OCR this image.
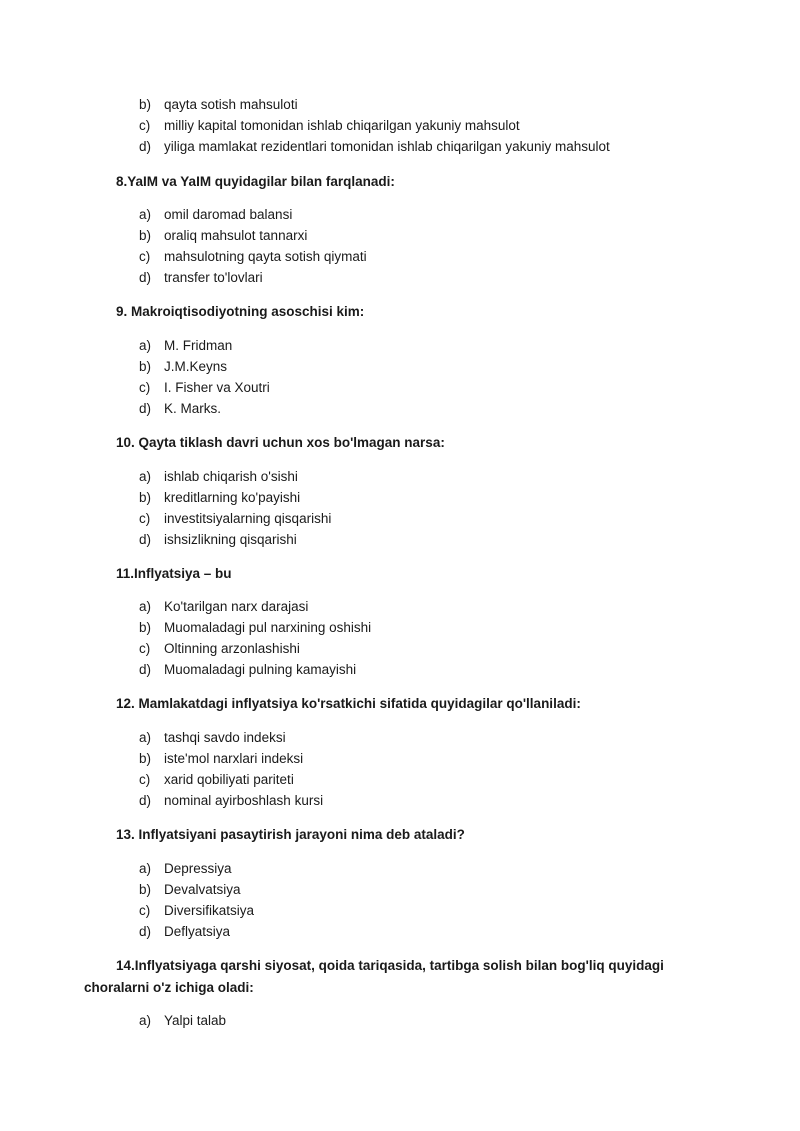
b) qayta sotish mahsuloti
c) milliy kapital tomonidan ishlab chiqarilgan yakuniy mahsulot
d) yiliga mamlakat rezidentlari tomonidan ishlab chiqarilgan yakuniy mahsulot
8.YaIM va YaIM quyidagilar bilan farqlanadi:
a) omil daromad balansi
b) oraliq mahsulot tannarxi
c) mahsulotning qayta sotish qiymati
d) transfer to'lovlari
9. Makroiqtisodiyotning asoschisi kim:
a) M. Fridman
b) J.M.Keyns
c) I. Fisher va Xoutri
d) K. Marks.
10. Qayta tiklash davri uchun xos bo'lmagan narsa:
a) ishlab chiqarish o'sishi
b) kreditlarning ko'payishi
c) investitsiyalarning qisqarishi
d) ishsizlikning qisqarishi
11.Inflyatsiya – bu
a) Ko'tarilgan narx darajasi
b) Muomaladagi pul narxining oshishi
c) Oltinning arzonlashishi
d) Muomaladagi pulning kamayishi
12. Mamlakatdagi inflyatsiya ko'rsatkichi sifatida quyidagilar qo'llaniladi:
a) tashqi savdo indeksi
b) iste'mol narxlari indeksi
c) xarid qobiliyati pariteti
d) nominal ayirboshlash kursi
13. Inflyatsiyani pasaytirish jarayoni nima deb ataladi?
a) Depressiya
b) Devalvatsiya
c) Diversifikatsiya
d) Deflyatsiya
14.Inflyatsiyaga qarshi siyosat, qoida tariqasida, tartibga solish bilan bog'liq quyidagi choralarni o'z ichiga oladi:
a) Yalpi talab
